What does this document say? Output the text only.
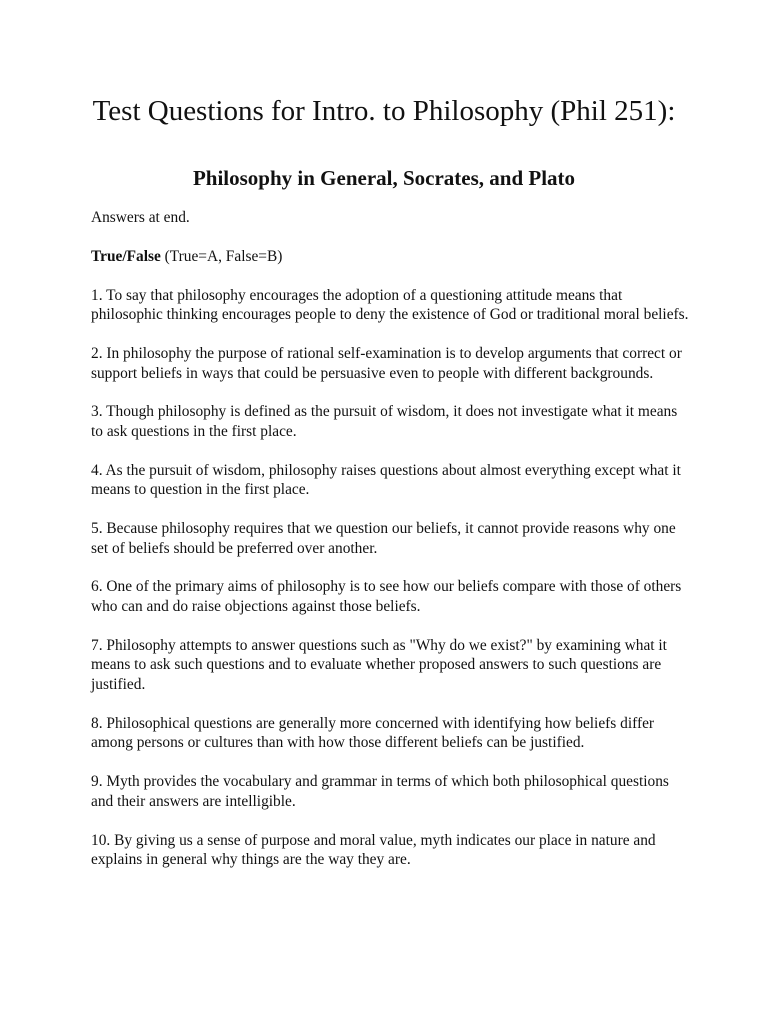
Test Questions for Intro. to Philosophy (Phil 251):
Philosophy in General, Socrates, and Plato

Answers at end.

True/False (True=A, False=B)

1. To say that philosophy encourages the adoption of a questioning attitude means that philosophic thinking encourages people to deny the existence of God or traditional moral beliefs.

2. In philosophy the purpose of rational self-examination is to develop arguments that correct or support beliefs in ways that could be persuasive even to people with different backgrounds.

3. Though philosophy is defined as the pursuit of wisdom, it does not investigate what it means to ask questions in the first place.

4. As the pursuit of wisdom, philosophy raises questions about almost everything except what it means to question in the first place.

5. Because philosophy requires that we question our beliefs, it cannot provide reasons why one set of beliefs should be preferred over another.

6. One of the primary aims of philosophy is to see how our beliefs compare with those of others who can and do raise objections against those beliefs.

7. Philosophy attempts to answer questions such as "Why do we exist?" by examining what it means to ask such questions and to evaluate whether proposed answers to such questions are justified.

8. Philosophical questions are generally more concerned with identifying how beliefs differ among persons or cultures than with how those different beliefs can be justified.

9. Myth provides the vocabulary and grammar in terms of which both philosophical questions and their answers are intelligible.

10. By giving us a sense of purpose and moral value, myth indicates our place in nature and explains in general why things are the way they are.
